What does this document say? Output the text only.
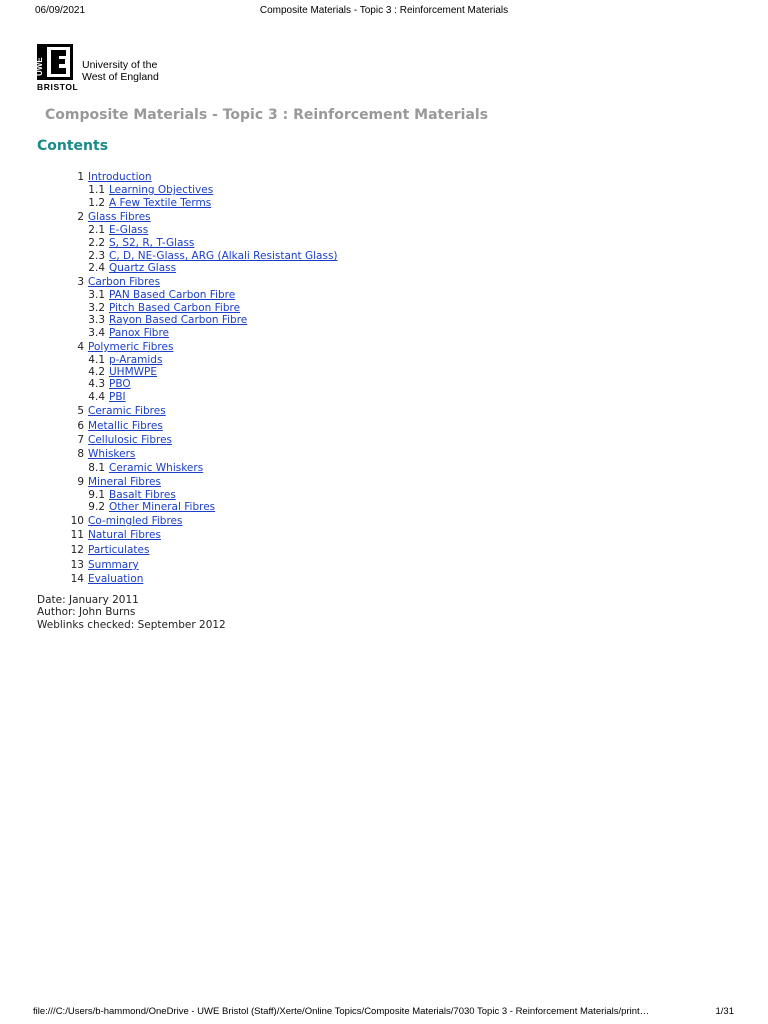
06/09/2021	Composite Materials - Topic 3 : Reinforcement Materials
UWE	University of the
West of England
BRISTOL
Composite Materials - Topic 3 : Reinforcement Materials
Contents
1 Introduction
1.1 Learning Objectives
1.2 A Few Textile Terms
2 Glass Fibres
2.1 E-Glass
2.2 S, S2, R, T-Glass
2.3 C, D, NE-Glass, ARG (Alkali Resistant Glass)
2.4 Quartz Glass
3 Carbon Fibres
3.1 PAN Based Carbon Fibre
3.2 Pitch Based Carbon Fibre
3.3 Rayon Based Carbon Fibre
3.4 Panox Fibre
4 Polymeric Fibres
4.1 p-Aramids
4.2 UHMWPE
4.3 PBO
4.4 PBI
5 Ceramic Fibres
6 Metallic Fibres
7 Cellulosic Fibres
8 Whiskers
8.1 Ceramic Whiskers
9 Mineral Fibres
9.1 Basalt Fibres
9.2 Other Mineral Fibres
10 Co-mingled Fibres
11 Natural Fibres
12 Particulates
13 Summary
14 Evaluation
Date: January 2011
Author: John Burns
Weblinks checked: September 2012
file:///C:/Users/b-hammond/OneDrive - UWE Bristol (Staff)/Xerte/Online Topics/Composite Materials/7030 Topic 3 - Reinforcement Materials/print…	1/31
